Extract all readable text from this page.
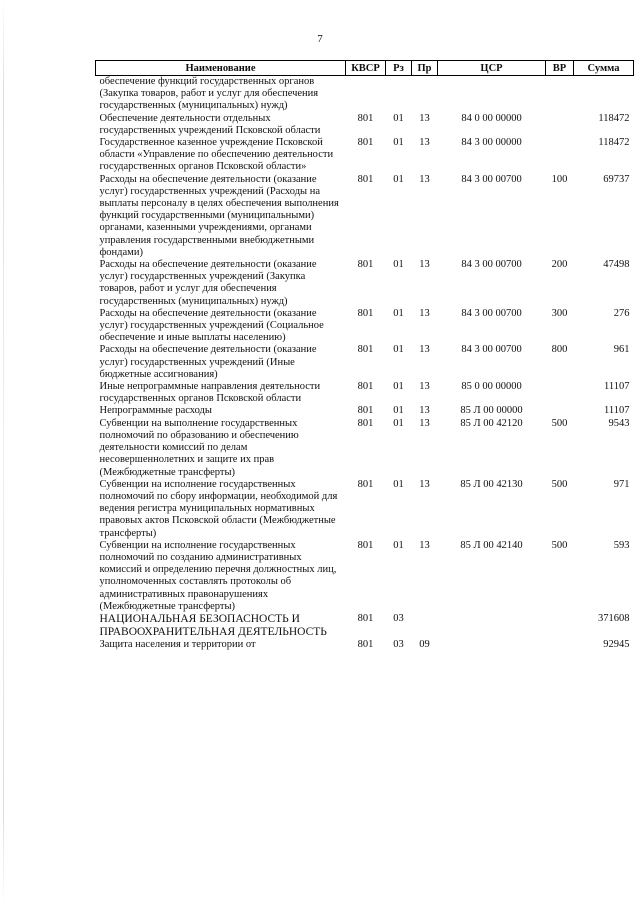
7
Наименование	КВСР	Рз	Пр	ЦСР	ВР	Сумма
обеспечение функций государственных органов (Закупка товаров, работ и услуг для обеспечения государственных (муниципальных) нужд)						
Обеспечение деятельности отдельных государственных учреждений Псковской области	801	01	13	84 0 00 00000		118472
Государственное казенное учреждение Псковской области «Управление по обеспечению деятельности государственных органов Псковской области»	801	01	13	84 3 00 00000		118472
Расходы на обеспечение деятельности (оказание услуг) государственных учреждений (Расходы на выплаты персоналу в целях обеспечения выполнения функций государственными (муниципальными) органами, казенными учреждениями, органами управления государственными внебюджетными фондами)	801	01	13	84 3 00 00700	100	69737
Расходы на обеспечение деятельности (оказание услуг) государственных учреждений (Закупка товаров, работ и услуг для обеспечения государственных (муниципальных) нужд)	801	01	13	84 3 00 00700	200	47498
Расходы на обеспечение деятельности (оказание услуг) государственных учреждений (Социальное обеспечение и иные выплаты населению)	801	01	13	84 3 00 00700	300	276
Расходы на обеспечение деятельности (оказание услуг) государственных учреждений (Иные бюджетные ассигнования)	801	01	13	84 3 00 00700	800	961
Иные непрограммные направления деятельности государственных органов Псковской области	801	01	13	85 0 00 00000		11107
Непрограммные расходы	801	01	13	85 Л 00 00000		11107
Субвенции на выполнение государственных полномочий по образованию и обеспечению деятельности комиссий по делам несовершеннолетних и защите их прав (Межбюджетные трансферты)	801	01	13	85 Л 00 42120	500	9543
Субвенции на исполнение государственных полномочий по сбору информации, необходимой для ведения регистра муниципальных нормативных правовых актов Псковской области (Межбюджетные трансферты)	801	01	13	85 Л 00 42130	500	971
Субвенции на исполнение государственных полномочий по созданию административных комиссий и определению перечня должностных лиц, уполномоченных составлять протоколы об административных правонарушениях (Межбюджетные трансферты)	801	01	13	85 Л 00 42140	500	593
НАЦИОНАЛЬНАЯ БЕЗОПАСНОСТЬ И ПРАВООХРАНИТЕЛЬНАЯ ДЕЯТЕЛЬНОСТЬ	801	03				371608
Защита населения и территории от	801	03	09			92945
